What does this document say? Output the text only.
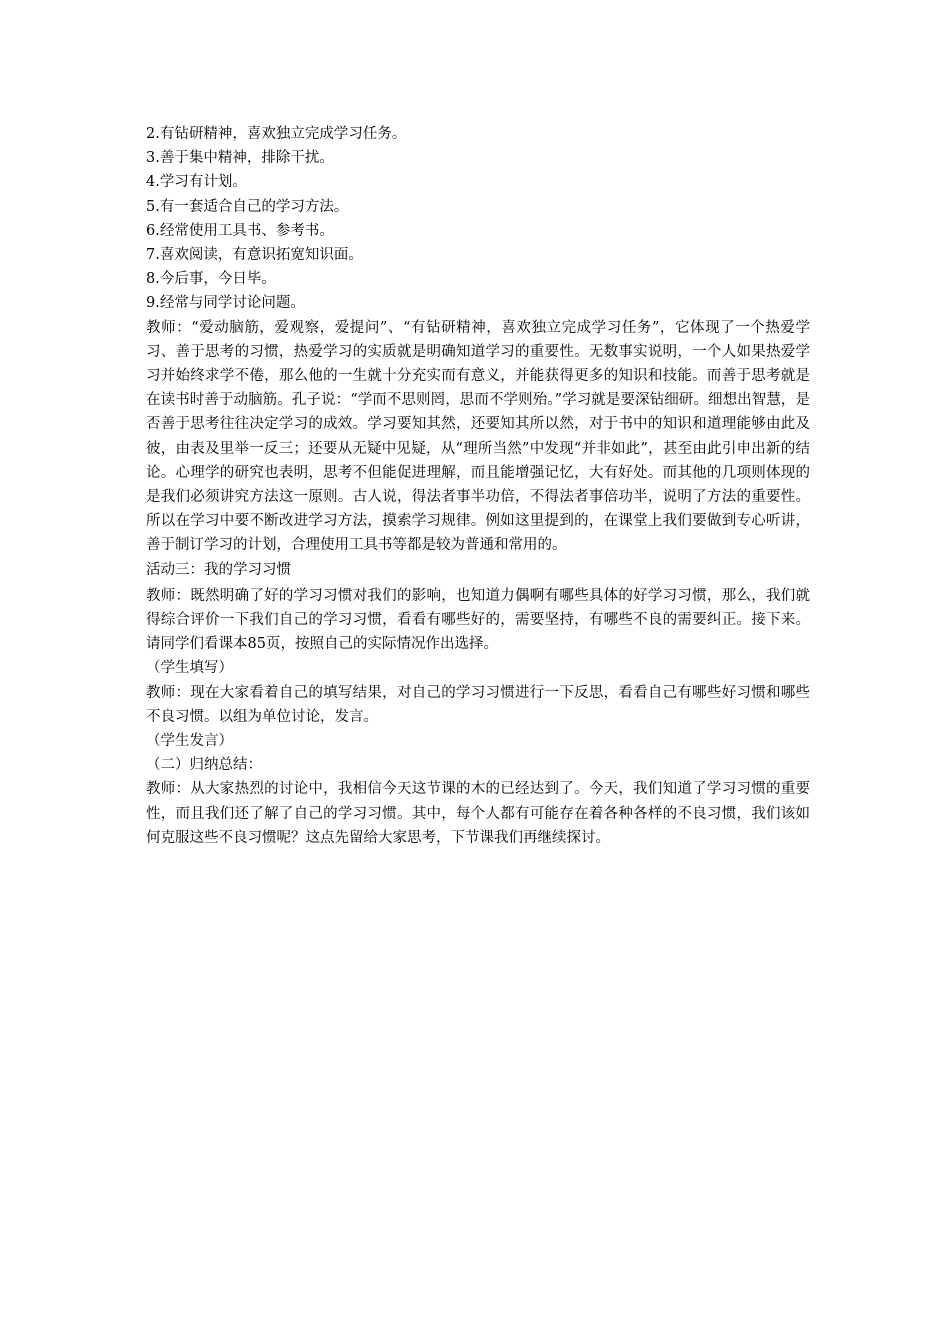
2.有钻研精神，喜欢独立完成学习任务。
3.善于集中精神，排除干扰。
4.学习有计划。
5.有一套适合自己的学习方法。
6.经常使用工具书、参考书。
7.喜欢阅读，有意识拓宽知识面。
8.今后事，今日毕。
9.经常与同学讨论问题。

教师：“爱动脑筋，爱观察，爱提问”、“有钻研精神，喜欢独立完成学习任务”，它体现了一个热爱学习、善于思考的习惯，热爱学习的实质就是明确知道学习的重要性。无数事实说明，一个人如果热爱学习并始终求学不倦，那么他的一生就十分充实而有意义，并能获得更多的知识和技能。而善于思考就是在读书时善于动脑筋。孔子说：“学而不思则罔，思而不学则殆。”学习就是要深钻细研。细想出智慧，是否善于思考往往决定学习的成效。学习要知其然，还要知其所以然，对于书中的知识和道理能够由此及彼，由表及里举一反三；还要从无疑中见疑，从“理所当然”中发现“并非如此”，甚至由此引申出新的结论。心理学的研究也表明，思考不但能促进理解，而且能增强记忆，大有好处。而其他的几项则体现的是我们必须讲究方法这一原则。古人说，得法者事半功倍，不得法者事倍功半，说明了方法的重要性。所以在学习中要不断改进学习方法，摸索学习规律。例如这里提到的，在课堂上我们要做到专心听讲，善于制订学习的计划，合理使用工具书等都是较为普通和常用的。

活动三：我的学习习惯

教师：既然明确了好的学习习惯对我们的影响，也知道力偶啊有哪些具体的好学习习惯，那么，我们就得综合评价一下我们自己的学习习惯，看看有哪些好的，需要坚持，有哪些不良的需要纠正。接下来。请同学们看课本85页，按照自己的实际情况作出选择。

（学生填写）

教师：现在大家看着自己的填写结果，对自己的学习习惯进行一下反思，看看自己有哪些好习惯和哪些不良习惯。以组为单位讨论，发言。

（学生发言）
（二）归纳总结：

教师：从大家热烈的讨论中，我相信今天这节课的木的已经达到了。今天，我们知道了学习习惯的重要性，而且我们还了解了自己的学习习惯。其中，每个人都有可能存在着各种各样的不良习惯，我们该如何克服这些不良习惯呢？这点先留给大家思考，下节课我们再继续探讨。
